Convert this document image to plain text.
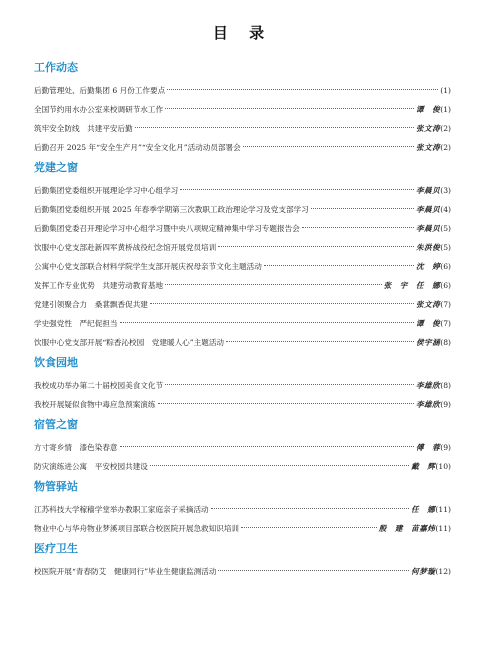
目 录
工作动态
后勤管理处、后勤集团 6 月份工作要点	(1)
全国节约用水办公室来校调研节水工作	谭　俊 (1)
筑牢安全防线　共建平安后勤	张文涛 (2)
后勤召开 2025 年“安全生产月”“安全文化月”活动动员部署会	张文涛 (2)
党建之窗
后勤集团党委组织开展理论学习中心组学习	李晨贝 (3)
后勤集团党委组织开展 2025 年春季学期第三次教职工政治理论学习及党支部学习	李晨贝 (4)
后勤集团党委召开理论学习中心组学习暨中央八项规定精神集中学习专题报告会	李晨贝 (5)
饮服中心党支部赴新四军黄桥战役纪念馆开展党员培训	朱洪俊 (5)
公寓中心党支部联合材料学院学生支部开展庆祝母亲节文化主题活动	沈　婷 (6)
发挥工作专业优势　共建劳动教育基地	张　宇　任　娜 (6)
党建引领聚合力　桑葚飘香促共建	张文涛 (7)
学史强党性　严纪促担当	谭　俊 (7)
饮服中心党支部开展“粽香沁校园　党建暖人心”主题活动	侯宇涵 (8)
饮食园地
我校成功举办第二十届校园美食文化节	李雄欣 (8)
我校开展疑似食物中毒应急预案演练	李雄欣 (9)
宿管之窗
方寸寄乡情　漆色染春意	傅　蓉 (9)
防灾演练进公寓　平安校园共建设	戴　辉 (10)
物管驿站
江苏科技大学稼穑学堂举办教职工家庭亲子采摘活动	任　娜 (11)
物业中心与华舟物业梦溪项目部联合校医院开展急救知识培训	殷　建　苗嘉炜 (11)
医疗卫生
校医院开展“青春防艾　健康同行”毕业生健康监测活动	何梦璇 (12)
